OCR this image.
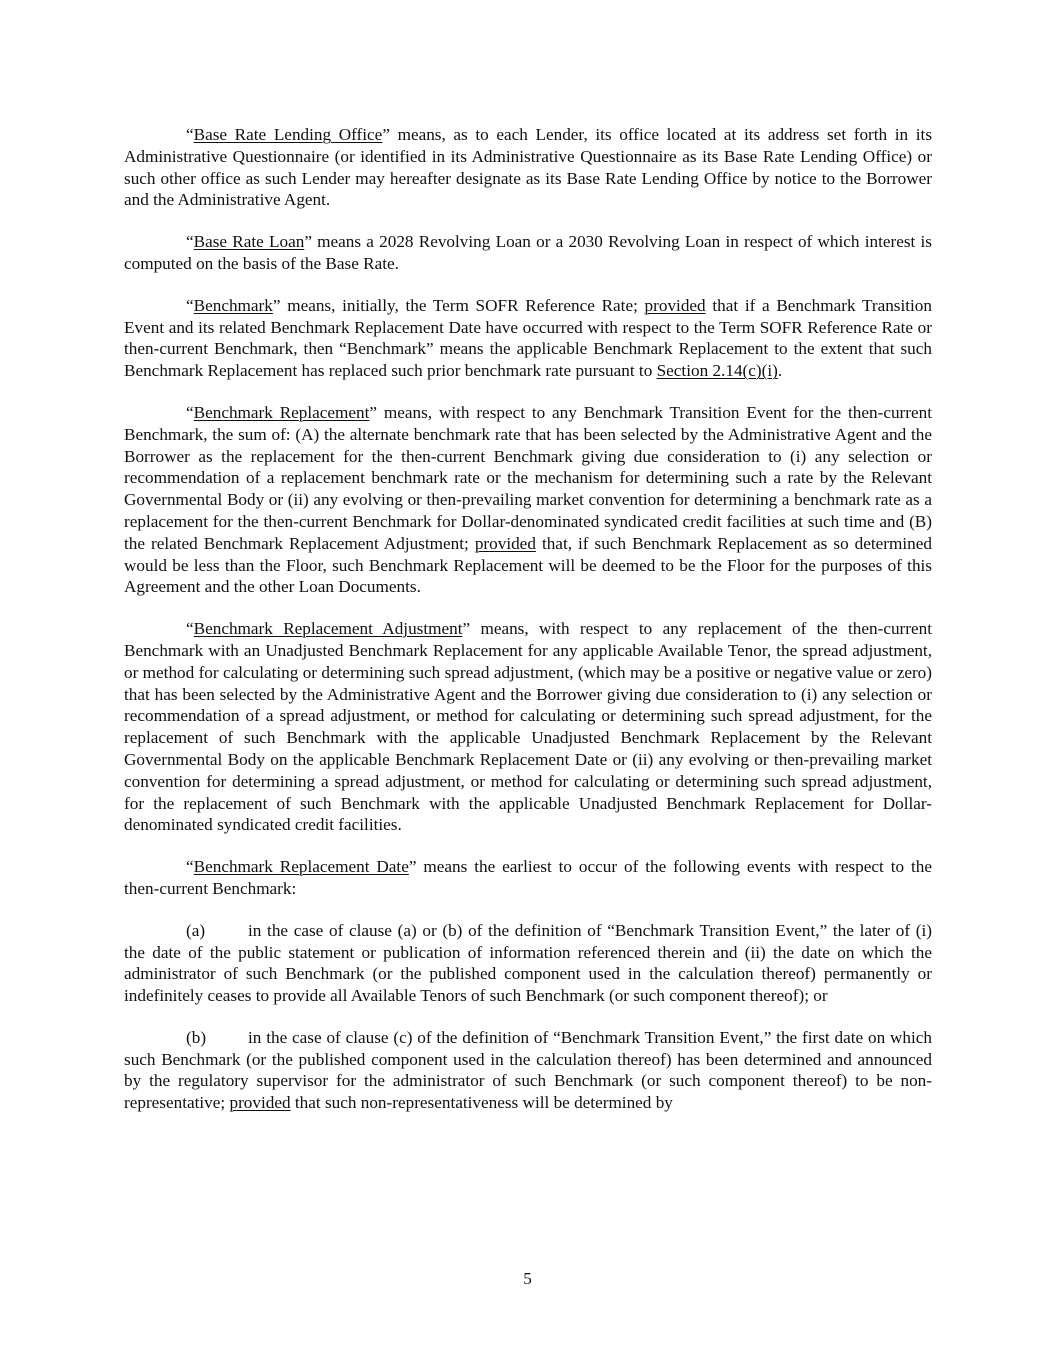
“Base Rate Lending Office” means, as to each Lender, its office located at its address set forth in its Administrative Questionnaire (or identified in its Administrative Questionnaire as its Base Rate Lending Office) or such other office as such Lender may hereafter designate as its Base Rate Lending Office by notice to the Borrower and the Administrative Agent.

“Base Rate Loan” means a 2028 Revolving Loan or a 2030 Revolving Loan in respect of which interest is computed on the basis of the Base Rate.

“Benchmark” means, initially, the Term SOFR Reference Rate; provided that if a Benchmark Transition Event and its related Benchmark Replacement Date have occurred with respect to the Term SOFR Reference Rate or then-current Benchmark, then “Benchmark” means the applicable Benchmark Replacement to the extent that such Benchmark Replacement has replaced such prior benchmark rate pursuant to Section 2.14(c)(i).

“Benchmark Replacement” means, with respect to any Benchmark Transition Event for the then-current Benchmark, the sum of: (A) the alternate benchmark rate that has been selected by the Administrative Agent and the Borrower as the replacement for the then-current Benchmark giving due consideration to (i) any selection or recommendation of a replacement benchmark rate or the mechanism for determining such a rate by the Relevant Governmental Body or (ii) any evolving or then-prevailing market convention for determining a benchmark rate as a replacement for the then-current Benchmark for Dollar-denominated syndicated credit facilities at such time and (B) the related Benchmark Replacement Adjustment; provided that, if such Benchmark Replacement as so determined would be less than the Floor, such Benchmark Replacement will be deemed to be the Floor for the purposes of this Agreement and the other Loan Documents.

“Benchmark Replacement Adjustment” means, with respect to any replacement of the then-current Benchmark with an Unadjusted Benchmark Replacement for any applicable Available Tenor, the spread adjustment, or method for calculating or determining such spread adjustment, (which may be a positive or negative value or zero) that has been selected by the Administrative Agent and the Borrower giving due consideration to (i) any selection or recommendation of a spread adjustment, or method for calculating or determining such spread adjustment, for the replacement of such Benchmark with the applicable Unadjusted Benchmark Replacement by the Relevant Governmental Body on the applicable Benchmark Replacement Date or (ii) any evolving or then-prevailing market convention for determining a spread adjustment, or method for calculating or determining such spread adjustment, for the replacement of such Benchmark with the applicable Unadjusted Benchmark Replacement for Dollar-denominated syndicated credit facilities.

“Benchmark Replacement Date” means the earliest to occur of the following events with respect to the then-current Benchmark:

(a) in the case of clause (a) or (b) of the definition of “Benchmark Transition Event,” the later of (i) the date of the public statement or publication of information referenced therein and (ii) the date on which the administrator of such Benchmark (or the published component used in the calculation thereof) permanently or indefinitely ceases to provide all Available Tenors of such Benchmark (or such component thereof); or

(b) in the case of clause (c) of the definition of “Benchmark Transition Event,” the first date on which such Benchmark (or the published component used in the calculation thereof) has been determined and announced by the regulatory supervisor for the administrator of such Benchmark (or such component thereof) to be non-representative; provided that such non-representativeness will be determined by

5
